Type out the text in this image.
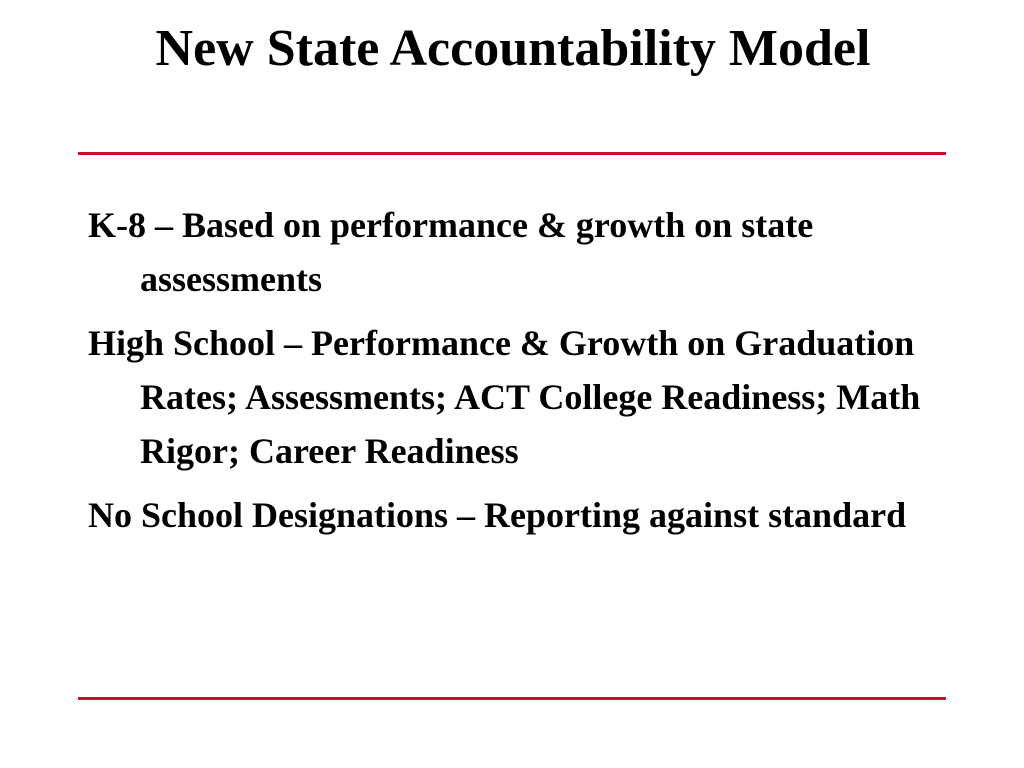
New State Accountability Model
K-8 – Based on performance & growth on state assessments
High School – Performance & Growth on Graduation Rates; Assessments; ACT College Readiness; Math Rigor; Career Readiness
No School Designations – Reporting against standard
